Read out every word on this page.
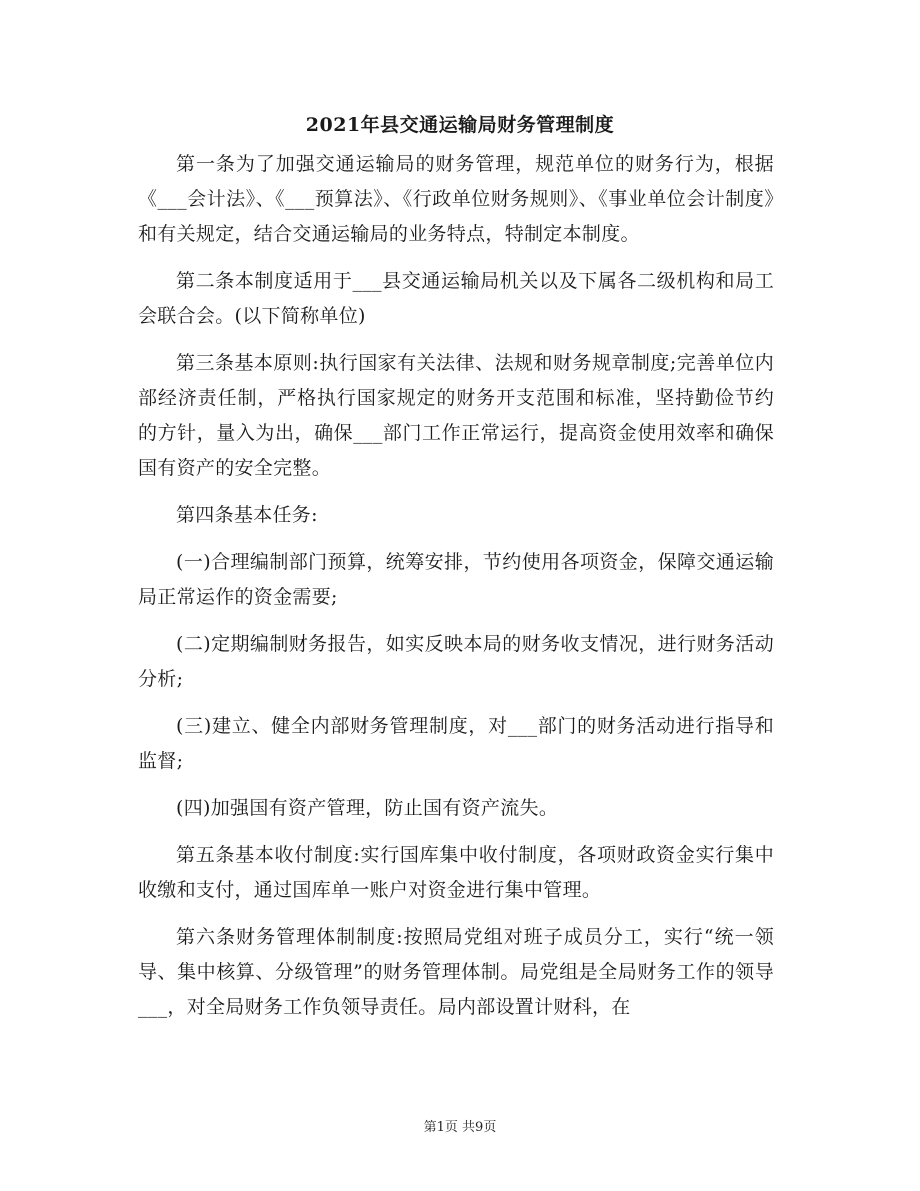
2021年县交通运输局财务管理制度

第一条为了加强交通运输局的财务管理，规范单位的财务行为，根据《___会计法》、《___预算法》、《行政单位财务规则》、《事业单位会计制度》和有关规定，结合交通运输局的业务特点，特制定本制度。

第二条本制度适用于___县交通运输局机关以及下属各二级机构和局工会联合会。(以下简称单位)

第三条基本原则:执行国家有关法律、法规和财务规章制度;完善单位内部经济责任制，严格执行国家规定的财务开支范围和标准，坚持勤俭节约的方针，量入为出，确保___部门工作正常运行，提高资金使用效率和确保国有资产的安全完整。

第四条基本任务:

(一)合理编制部门预算，统筹安排，节约使用各项资金，保障交通运输局正常运作的资金需要;

(二)定期编制财务报告，如实反映本局的财务收支情况，进行财务活动分析;

(三)建立、健全内部财务管理制度，对___部门的财务活动进行指导和监督;

(四)加强国有资产管理，防止国有资产流失。

第五条基本收付制度:实行国库集中收付制度，各项财政资金实行集中收缴和支付，通过国库单一账户对资金进行集中管理。

第六条财务管理体制制度:按照局党组对班子成员分工，实行“统一领导、集中核算、分级管理”的财务管理体制。局党组是全局财务工作的领导___，对全局财务工作负领导责任。局内部设置计财科，在

第1页 共9页
